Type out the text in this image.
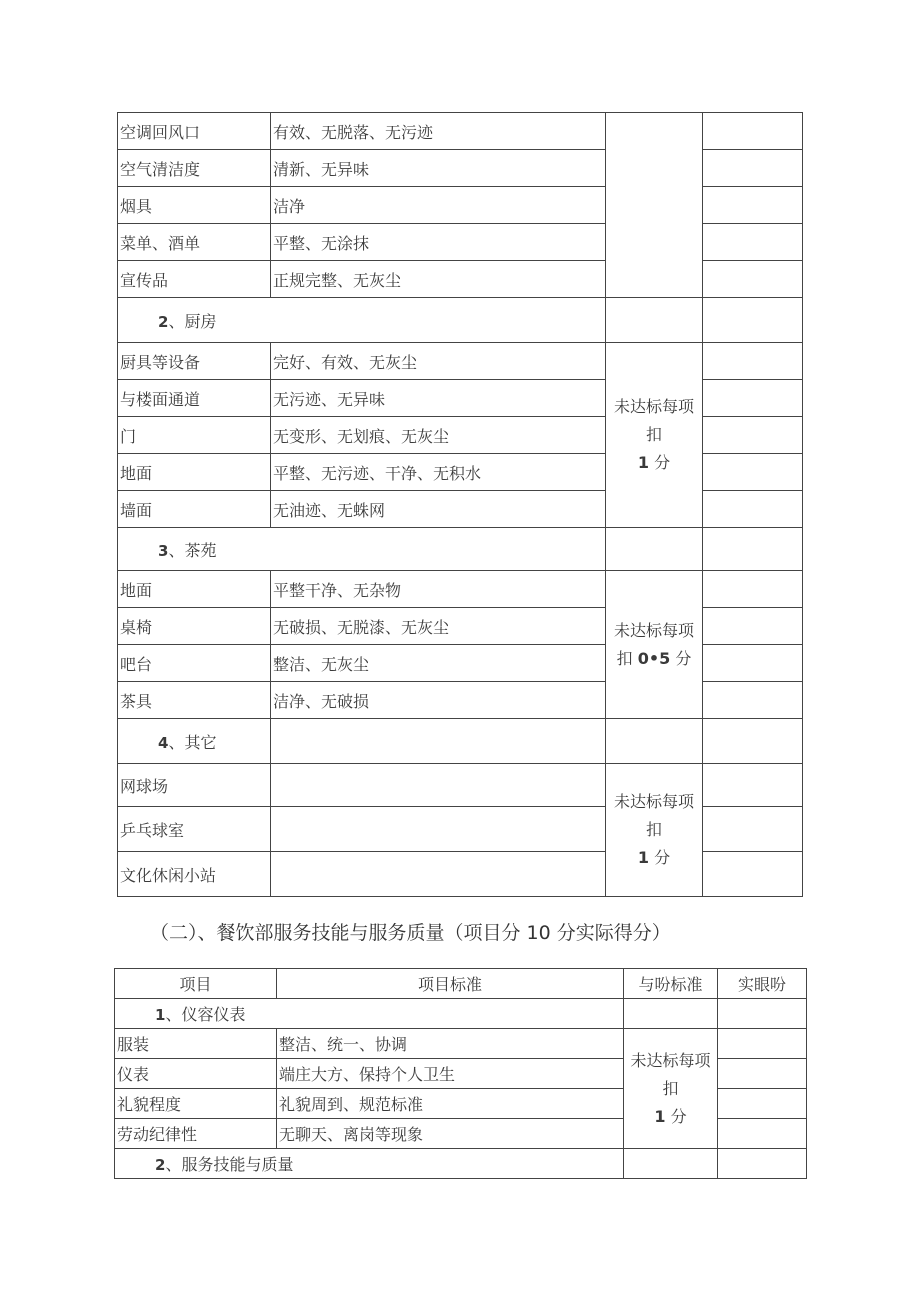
空调回风口	有效、无脱落、无污迹		
空气清洁度	清新、无异味		
烟具	洁净		
菜单、酒单	平整、无涂抹		
宣传品	正规完整、无灰尘		
2、厨房			
厨具等设备	完好、有效、无灰尘	未达标每项
扣
1 分	
与楼面通道	无污迹、无异味		
门	无变形、无划痕、无灰尘		
地面	平整、无污迹、干净、无积水		
墙面	无油迹、无蛛网		
3、茶苑			
地面	平整干净、无杂物	未达标每项
扣 0•5 分	
桌椅	无破损、无脱漆、无灰尘		
吧台	整洁、无灰尘		
茶具	洁净、无破损		
4、其它			
网球场		未达标每项
扣
1 分	
乒乓球室			
文化休闲小站			
（二）、餐饮部服务技能与服务质量（项目分 10 分实际得分）
项目	项目标准	与吩标准	实眼吩
1、仪容仪表			
服装	整洁、统一、协调	未达标每项
扣
1 分	
仪表	端庄大方、保持个人卫生		
礼貌程度	礼貌周到、规范标准		
劳动纪律性	无聊天、离岗等现象		
2、服务技能与质量			
